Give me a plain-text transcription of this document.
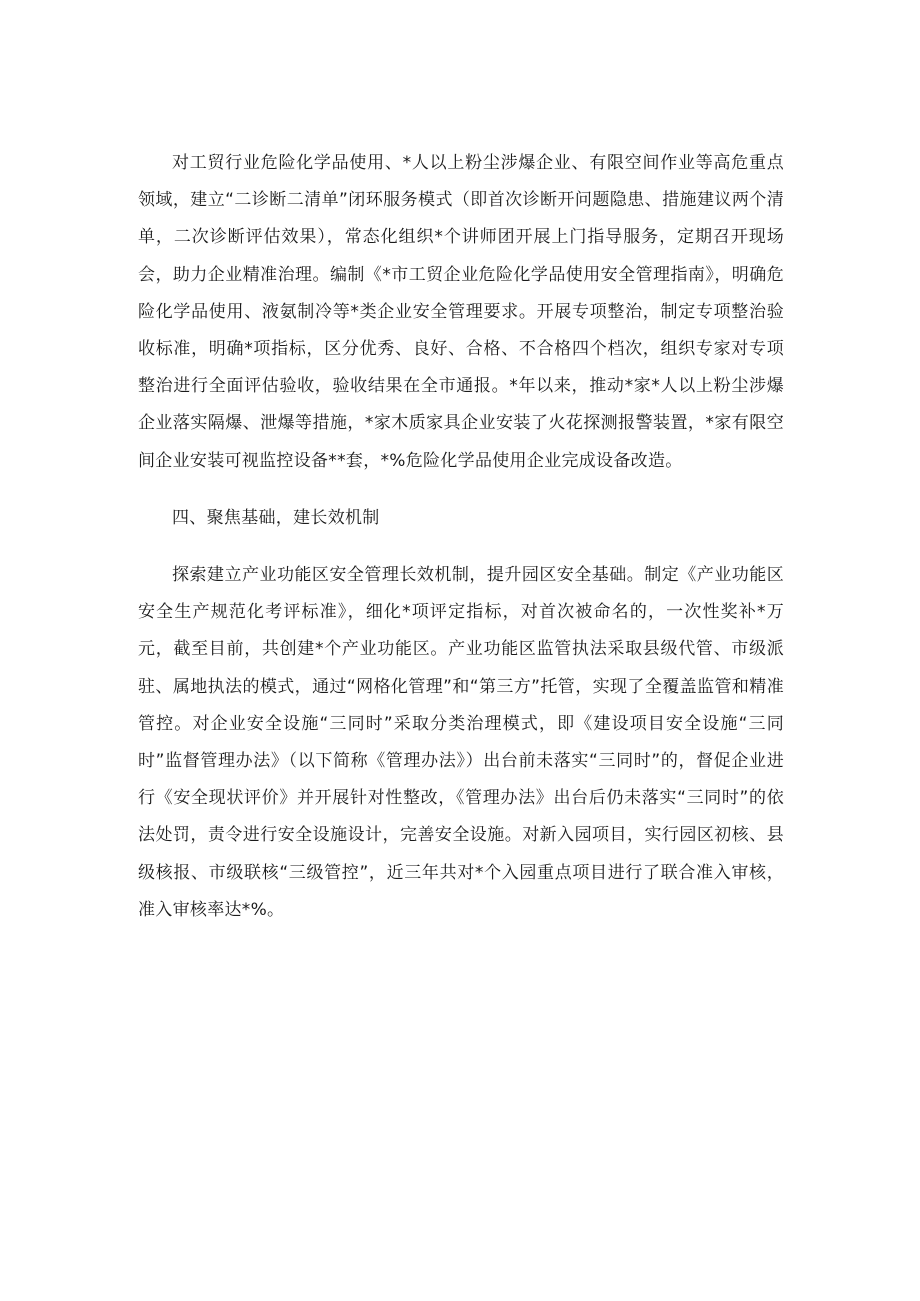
对工贸行业危险化学品使用、*人以上粉尘涉爆企业、有限空间作业等高危重点领域，建立“二诊断二清单”闭环服务模式（即首次诊断开问题隐患、措施建议两个清单，二次诊断评估效果），常态化组织*个讲师团开展上门指导服务，定期召开现场会，助力企业精准治理。编制《*市工贸企业危险化学品使用安全管理指南》，明确危险化学品使用、液氨制冷等*类企业安全管理要求。开展专项整治，制定专项整治验收标准，明确*项指标，区分优秀、良好、合格、不合格四个档次，组织专家对专项整治进行全面评估验收，验收结果在全市通报。*年以来，推动*家*人以上粉尘涉爆企业落实隔爆、泄爆等措施，*家木质家具企业安装了火花探测报警装置，*家有限空间企业安装可视监控设备**套，*%危险化学品使用企业完成设备改造。

四、聚焦基础，建长效机制

探索建立产业功能区安全管理长效机制，提升园区安全基础。制定《产业功能区安全生产规范化考评标准》，细化*项评定指标，对首次被命名的，一次性奖补*万元，截至目前，共创建*个产业功能区。产业功能区监管执法采取县级代管、市级派驻、属地执法的模式，通过“网格化管理”和“第三方”托管，实现了全覆盖监管和精准管控。对企业安全设施“三同时”采取分类治理模式，即《建设项目安全设施“三同时”监督管理办法》（以下简称《管理办法》）出台前未落实“三同时”的，督促企业进行《安全现状评价》并开展针对性整改，《管理办法》出台后仍未落实“三同时”的依法处罚，责令进行安全设施设计，完善安全设施。对新入园项目，实行园区初核、县级核报、市级联核“三级管控”，近三年共对*个入园重点项目进行了联合准入审核，准入审核率达*%。
